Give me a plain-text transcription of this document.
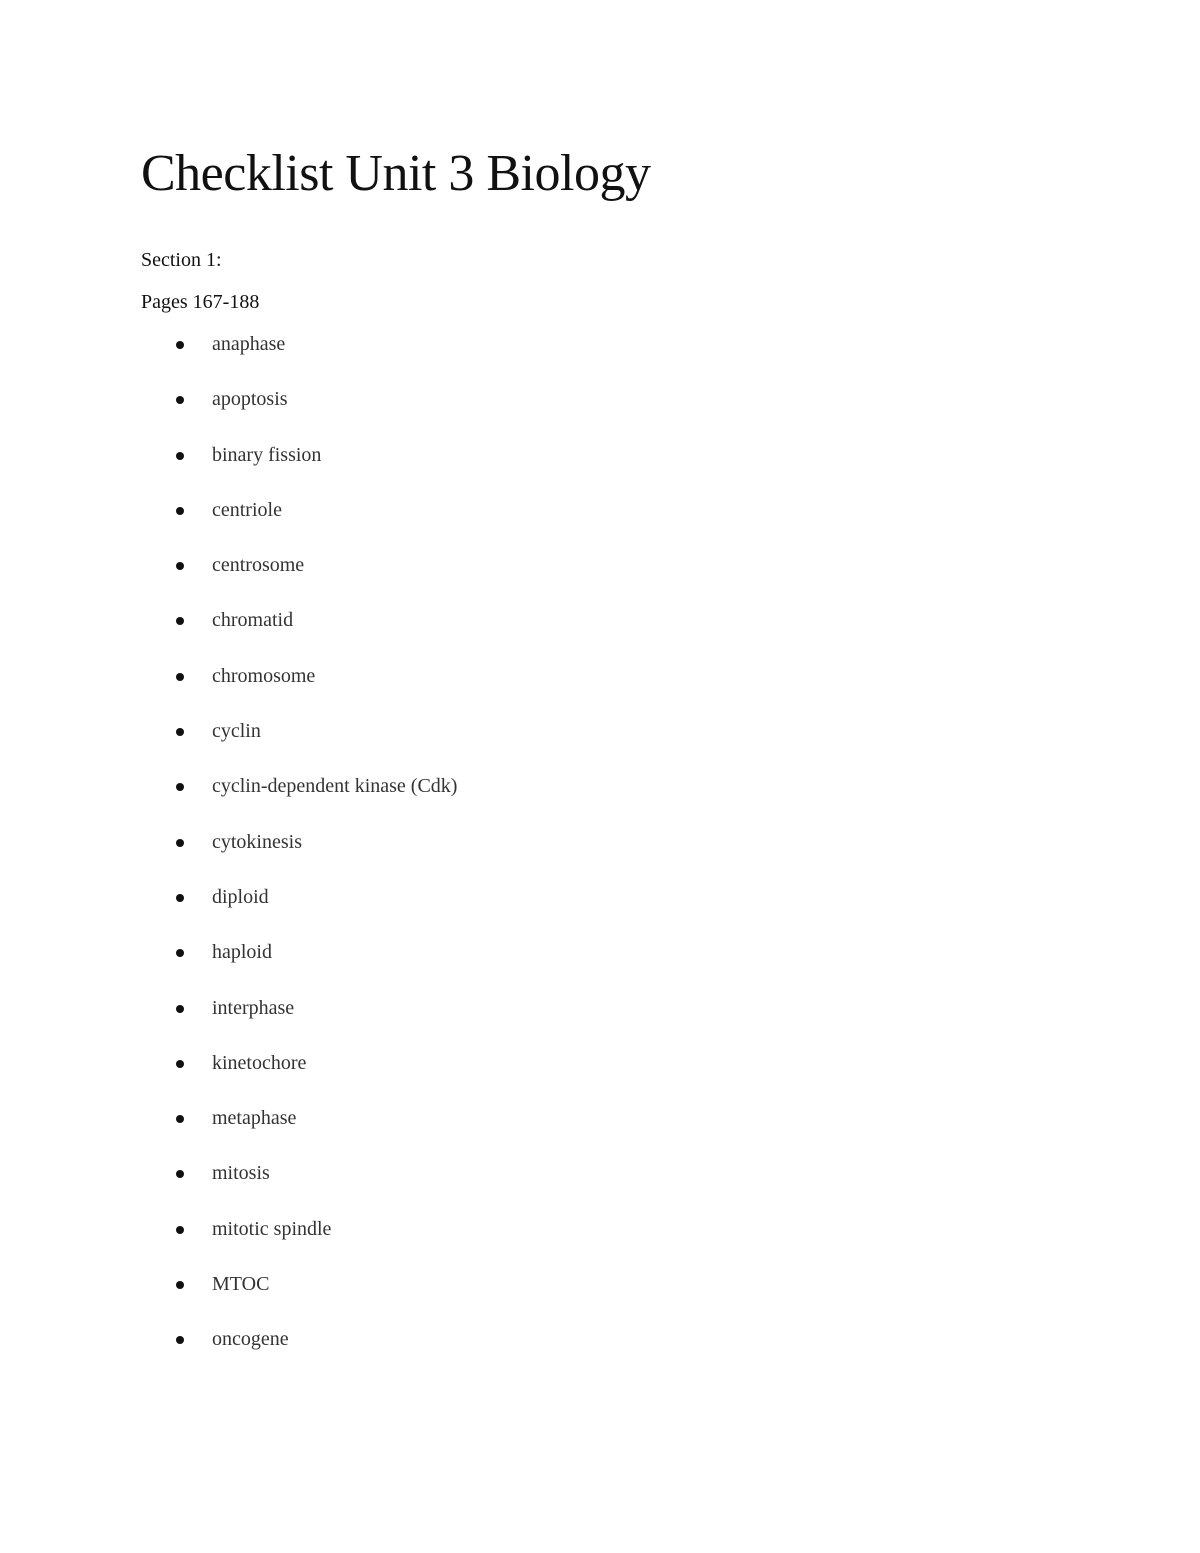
Checklist Unit 3 Biology

Section 1:

Pages 167-188

anaphase
apoptosis
binary fission
centriole
centrosome
chromatid
chromosome
cyclin
cyclin-dependent kinase (Cdk)
cytokinesis
diploid
haploid
interphase
kinetochore
metaphase
mitosis
mitotic spindle
MTOC
oncogene
